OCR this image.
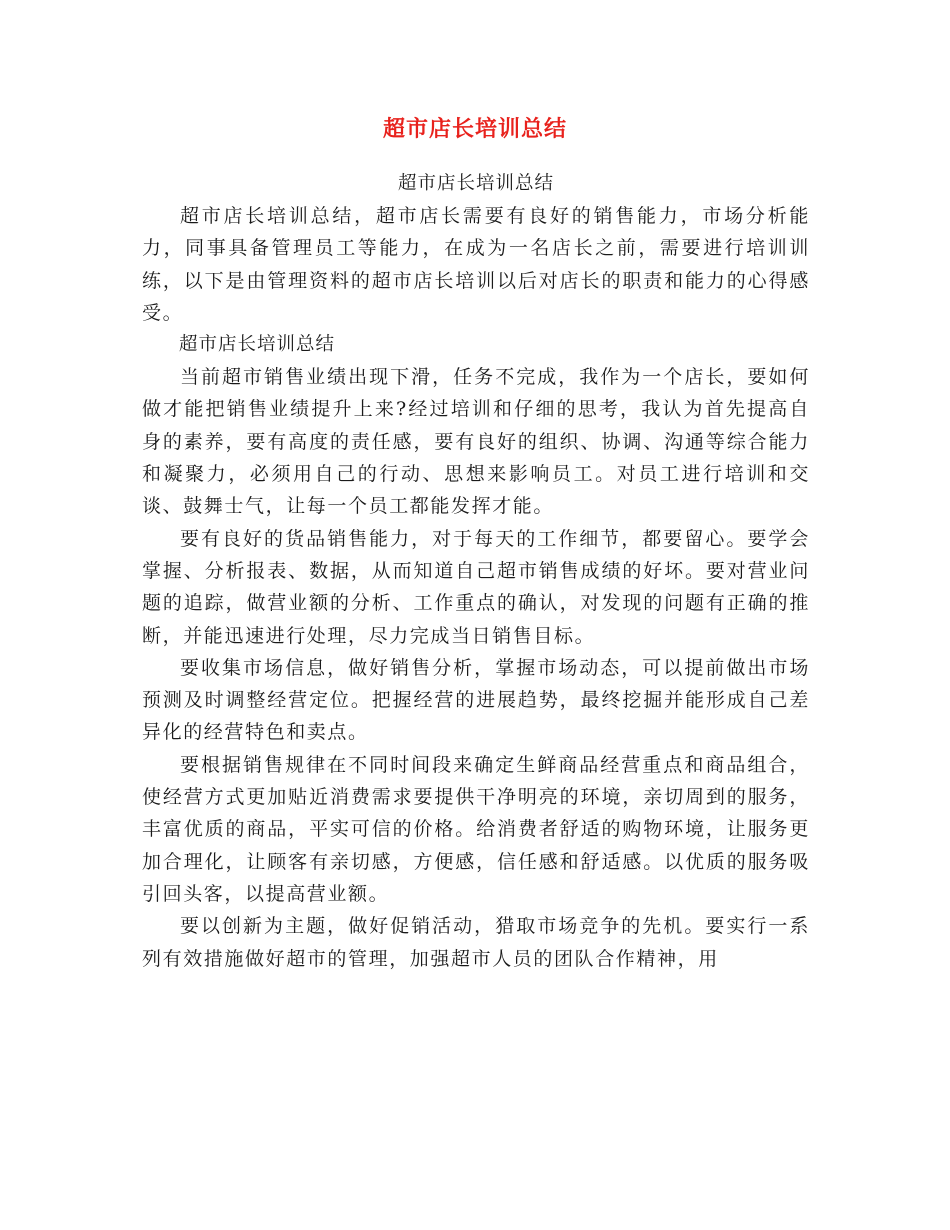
超市店长培训总结

超市店长培训总结

超市店长培训总结，超市店长需要有良好的销售能力，市场分析能力，同事具备管理员工等能力，在成为一名店长之前，需要进行培训训练，以下是由管理资料的超市店长培训以后对店长的职责和能力的心得感受。

超市店长培训总结

当前超市销售业绩出现下滑，任务不完成，我作为一个店长，要如何做才能把销售业绩提升上来?经过培训和仔细的思考，我认为首先提高自身的素养，要有高度的责任感，要有良好的组织、协调、沟通等综合能力和凝聚力，必须用自己的行动、思想来影响员工。对员工进行培训和交谈、鼓舞士气，让每一个员工都能发挥才能。

要有良好的货品销售能力，对于每天的工作细节，都要留心。要学会掌握、分析报表、数据，从而知道自己超市销售成绩的好坏。要对营业问题的追踪，做营业额的分析、工作重点的确认，对发现的问题有正确的推断，并能迅速进行处理，尽力完成当日销售目标。

要收集市场信息，做好销售分析，掌握市场动态，可以提前做出市场预测及时调整经营定位。把握经营的进展趋势，最终挖掘并能形成自己差异化的经营特色和卖点。

要根据销售规律在不同时间段来确定生鲜商品经营重点和商品组合，使经营方式更加贴近消费需求要提供干净明亮的环境，亲切周到的服务，丰富优质的商品，平实可信的价格。给消费者舒适的购物环境，让服务更加合理化，让顾客有亲切感，方便感，信任感和舒适感。以优质的服务吸引回头客，以提高营业额。

要以创新为主题，做好促销活动，猎取市场竞争的先机。要实行一系列有效措施做好超市的管理，加强超市人员的团队合作精神，用
